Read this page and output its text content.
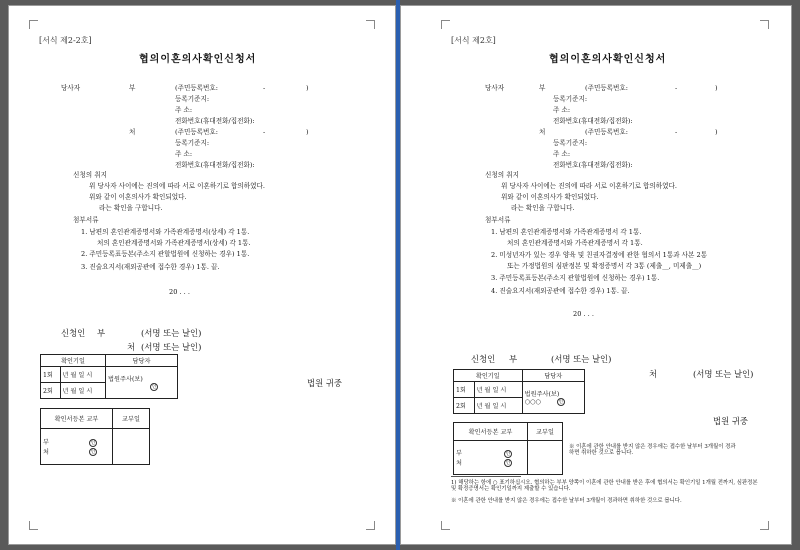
[서식 제2-2호]
협의이혼의사확인신청서
당사자	부	(주민등록번호:	-	)
등록기준지:
주 소:
전화번호(휴대전화/집전화):
처	(주민등록번호:	-	)
등록기준지:
주 소:
전화번호(휴대전화/집전화):
신청의 취지
위 당사자 사이에는 진의에 따라 서로 이혼하기로 합의하였다.
위와 같이 이혼의사가 확인되었다.
라는 확인을 구합니다.
첨부서류
1. 남편의 혼인관계증명서와 가족관계증명서(상세) 각 1통.
처의 혼인관계증명서와 가족관계증명서(상세) 각 1통.
2. 주민등록표등본(주소지 관할법원에 신청하는 경우) 1통.
3. 진술요지서(재외공관에 접수한 경우) 1통. 끝.
20 . . .
신청인 부	(서명 또는 날인)
처 (서명 또는 날인)
확인기일		담당자
1회	년 월 일 시	법원주사(보)
인
2회	년 월 일 시	
법원 귀중
확인서등본 교부	교부일
부 인
처 인	
[서식 제2호]
협의이혼의사확인신청서
당사자	부	(주민등록번호:	-	)
등록기준지:
주 소:
전화번호(휴대전화/집전화):
처	(주민등록번호:	-	)
등록기준지:
주 소:
전화번호(휴대전화/집전화):
신청의 취지
위 당사자 사이에는 진의에 따라 서로 이혼하기로 합의하였다.
위와 같이 이혼의사가 확인되었다.
라는 확인을 구합니다.
첨부서류
1. 남편의 혼인관계증명서와 가족관계증명서 각 1통.
처의 혼인관계증명서와 가족관계증명서 각 1통.
2. 미성년자가 있는 경우 양육 및 친권자결정에 관한 협의서 1통과 사본 2통
또는 가정법원의 심판정본 및 확정증명서 각 3통 (제출__, 미제출__)
3. 주민등록표등본(주소지 관할법원에 신청하는 경우) 1통.
4. 진술요지서(재외공관에 접수한 경우) 1통. 끝.
20 . . .
신청인 부	(서명 또는 날인)
처	(서명 또는 날인)
확인기일		담당자
1회	년 월 일 시	법원주사(보)
○○○ 인
2회	년 월 일 시	
법원 귀중
확인서등본 교부	교부일
부 인
처 인	
※ 이혼에 관한 안내를 받지 않은 경우에는 접수한 날부터 3개월이 경과하면 취하한 것으로 봅니다.
1) 해당하는 항에 ○ 표기하십시오. 협의하는 부부 양쪽이 이혼에 관한 안내를 받은 후에 협의서는 확인기일 1개월 전까지, 심판정본 및 확정증명서는 확인기일까지 제출할 수 있습니다.
※ 이혼에 관한 안내를 받지 않은 경우에는 접수한 날부터 3개월이 경과하면 취하한 것으로 봅니다.
